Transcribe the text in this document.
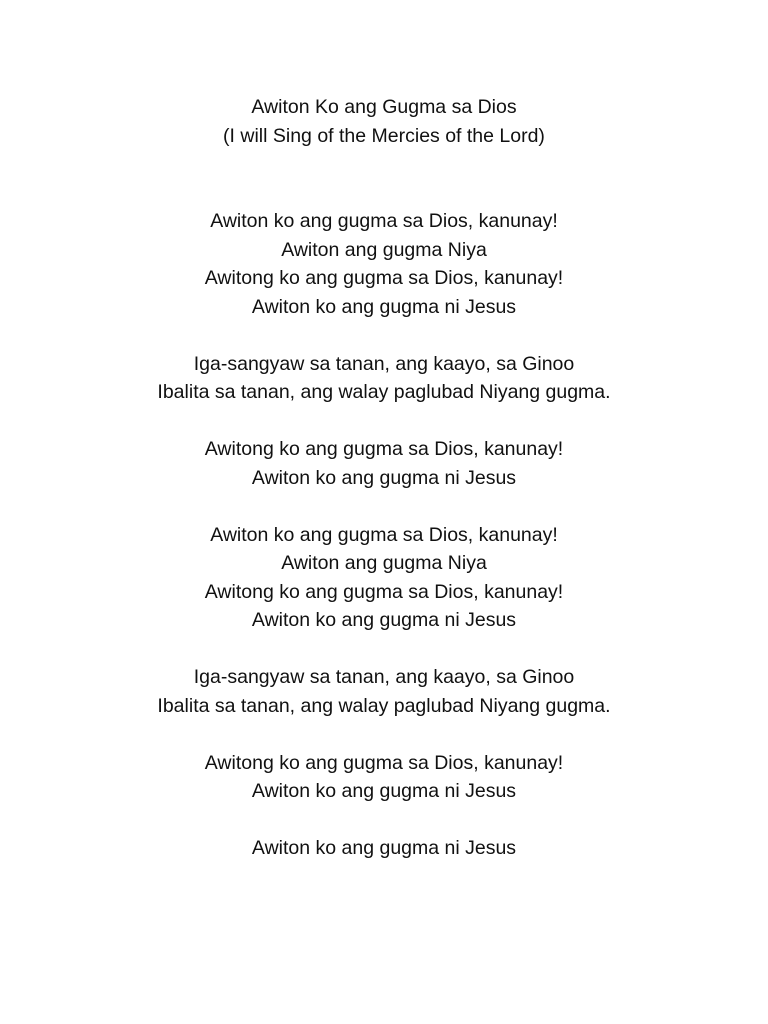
Awiton Ko ang Gugma sa Dios
(I will Sing of the Mercies of the Lord)
Awiton ko ang gugma sa Dios, kanunay!
Awiton ang gugma Niya
Awitong ko ang gugma sa Dios, kanunay!
Awiton ko ang gugma ni Jesus
Iga-sangyaw sa tanan, ang kaayo, sa Ginoo
Ibalita sa tanan, ang walay paglubad Niyang gugma.
Awitong ko ang gugma sa Dios, kanunay!
Awiton ko ang gugma ni Jesus
Awiton ko ang gugma sa Dios, kanunay!
Awiton ang gugma Niya
Awitong ko ang gugma sa Dios, kanunay!
Awiton ko ang gugma ni Jesus
Iga-sangyaw sa tanan, ang kaayo, sa Ginoo
Ibalita sa tanan, ang walay paglubad Niyang gugma.
Awitong ko ang gugma sa Dios, kanunay!
Awiton ko ang gugma ni Jesus
Awiton ko ang gugma ni Jesus
